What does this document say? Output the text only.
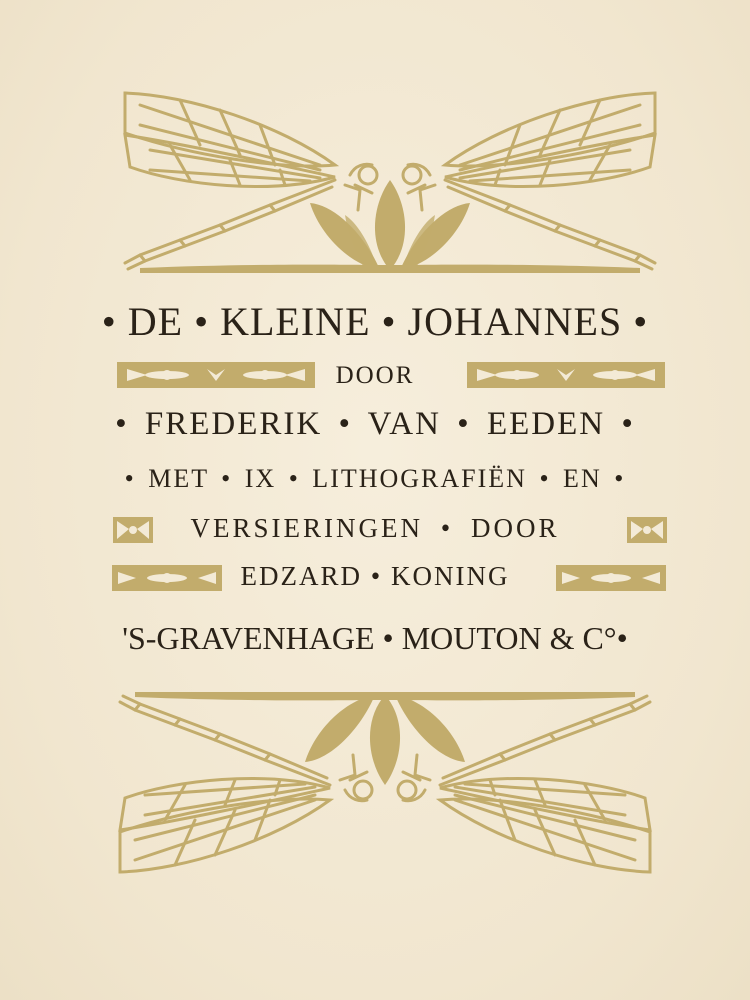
• DE • KLEINE • JOHANNES •
DOOR
• FREDERIK • VAN • EEDEN •
• MET • IX • LITHOGRAFIËN • EN •
VERSIERINGEN • DOOR
EDZARD • KONING
'S-GRAVENHAGE • MOUTON & C°•
